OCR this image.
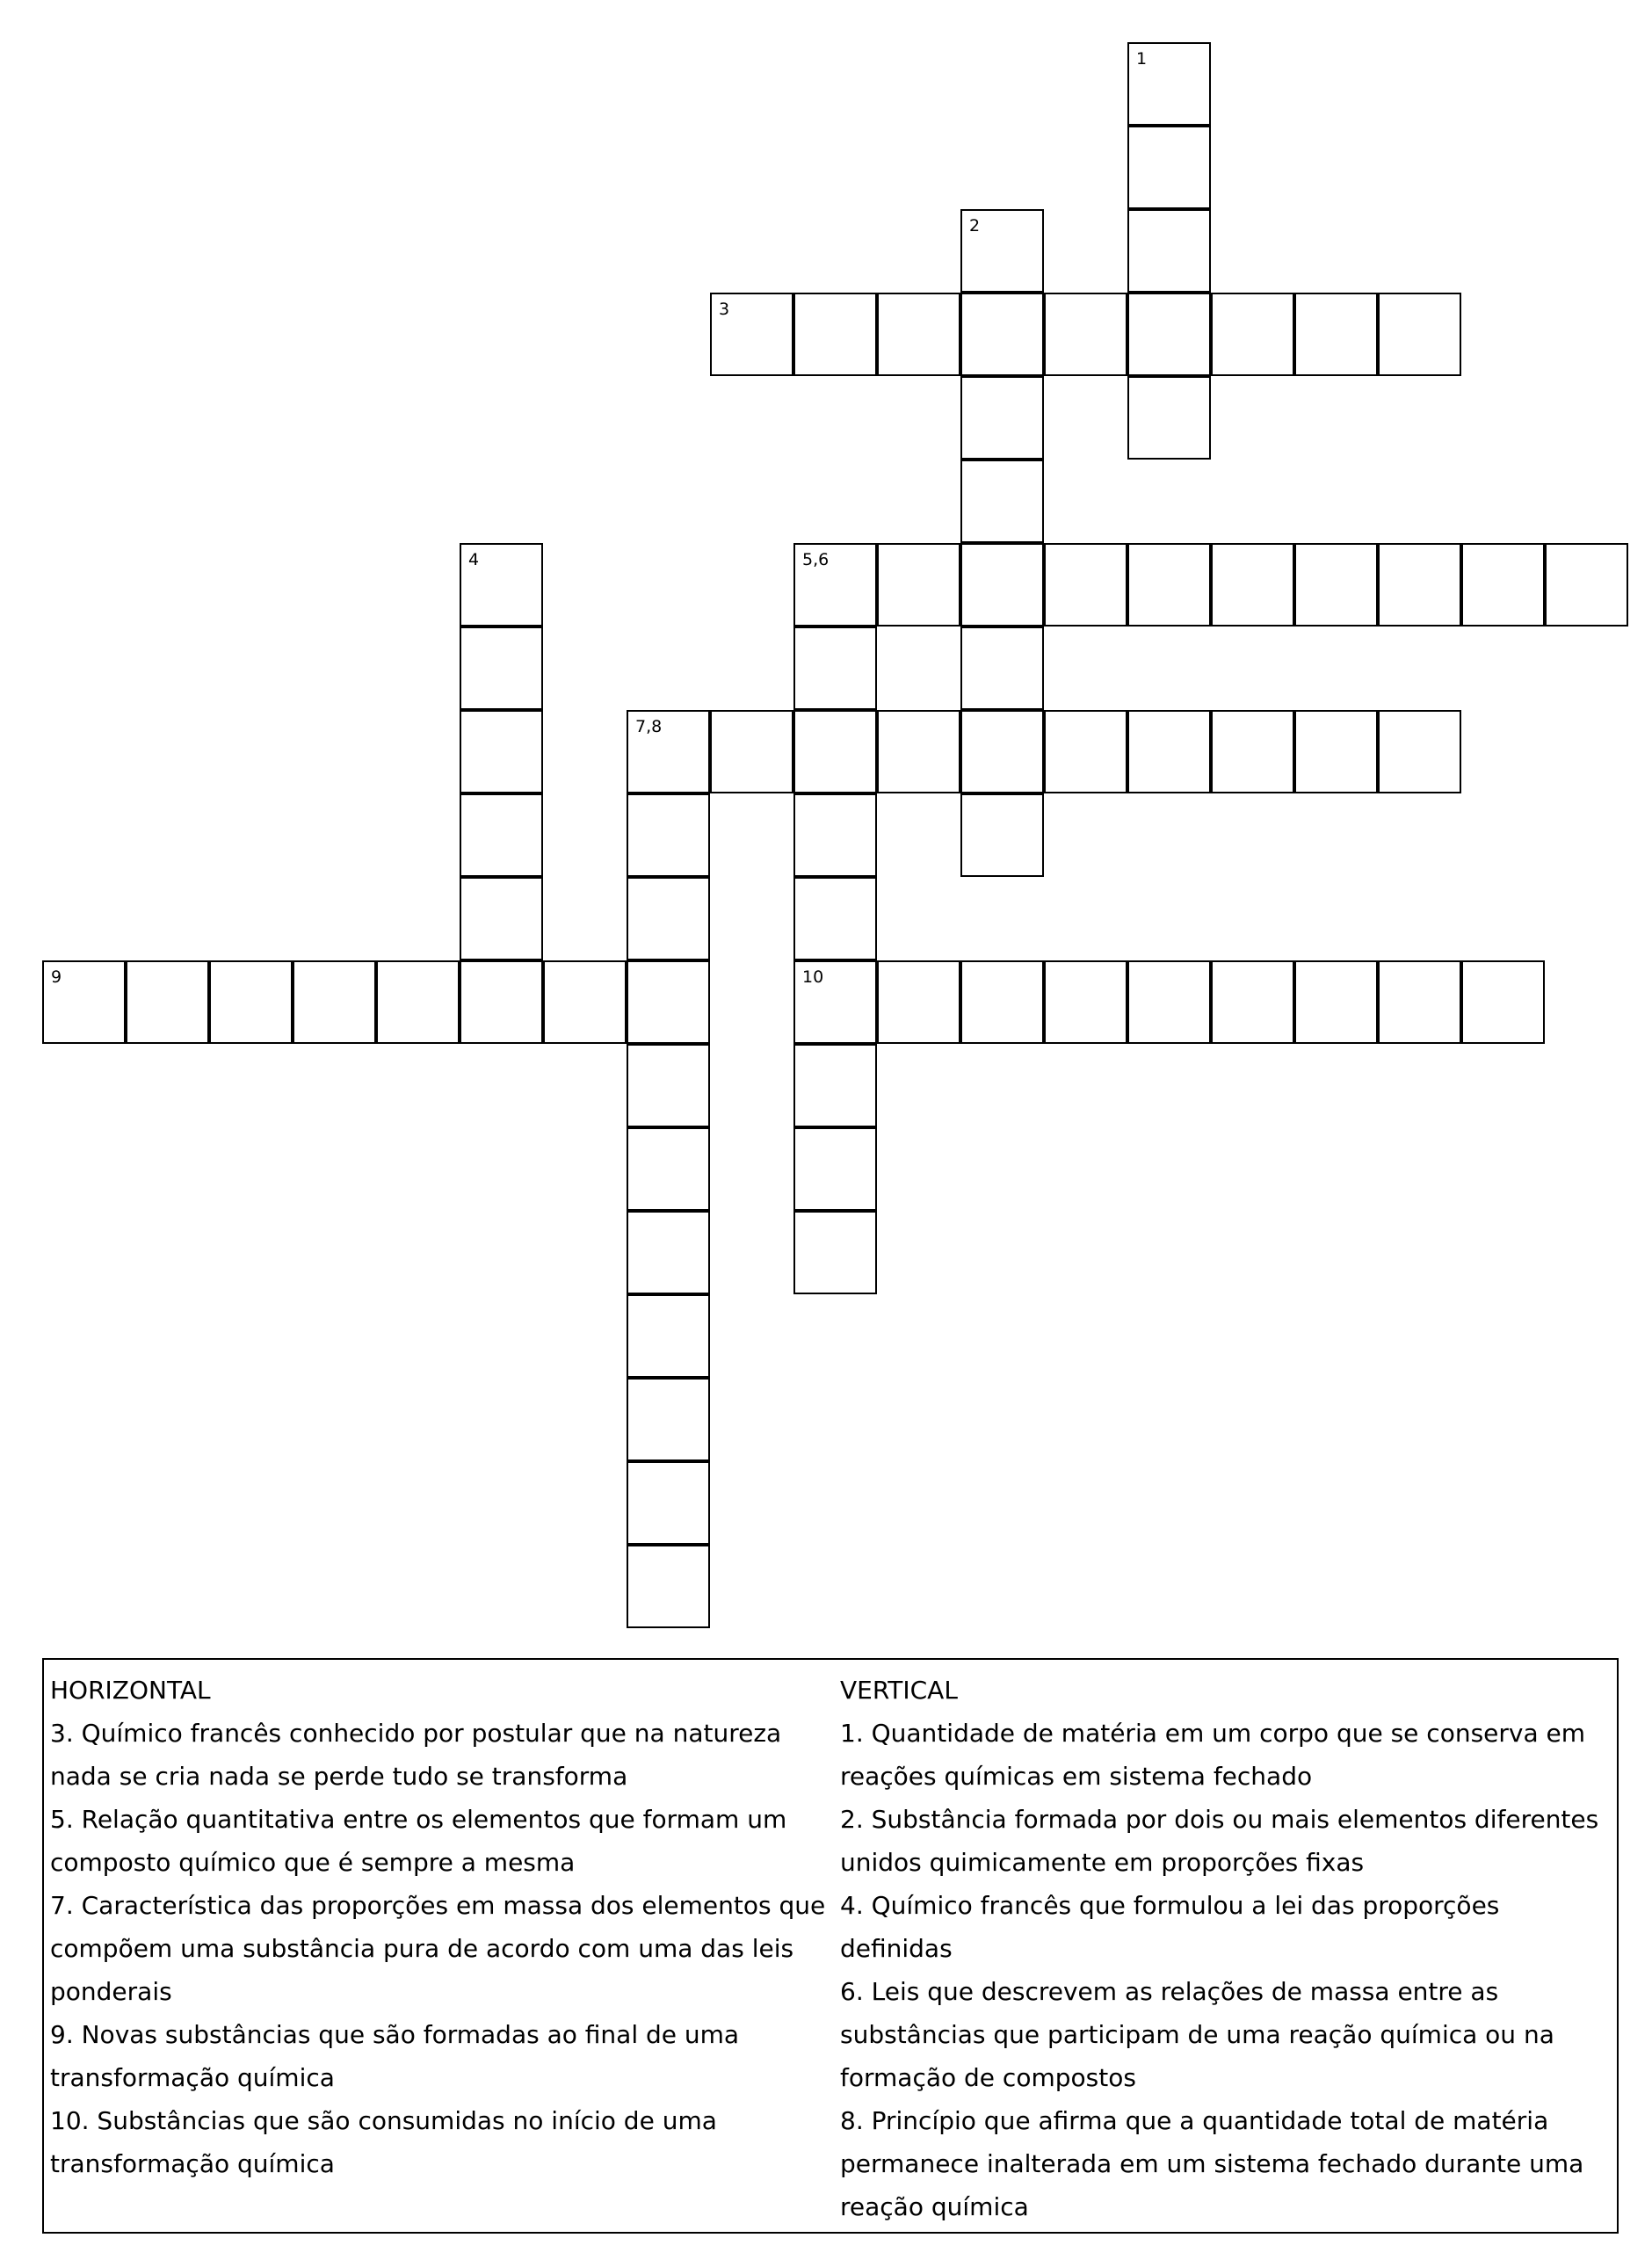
1
2
3
4	5,6
7,8
9	10

HORIZONTAL

3. Químico francês conhecido por postular que na natureza nada se cria nada se perde tudo se transforma

5. Relação quantitativa entre os elementos que formam um composto químico que é sempre a mesma

7. Característica das proporções em massa dos elementos que compõem uma substância pura de acordo com uma das leis ponderais

9. Novas substâncias que são formadas ao final de uma transformação química

10. Substâncias que são consumidas no início de uma transformação química

VERTICAL

1. Quantidade de matéria em um corpo que se conserva em reações químicas em sistema fechado

2. Substância formada por dois ou mais elementos diferentes unidos quimicamente em proporções fixas

4. Químico francês que formulou a lei das proporções definidas

6. Leis que descrevem as relações de massa entre as substâncias que participam de uma reação química ou na formação de compostos

8. Princípio que afirma que a quantidade total de matéria permanece inalterada em um sistema fechado durante uma reação química
